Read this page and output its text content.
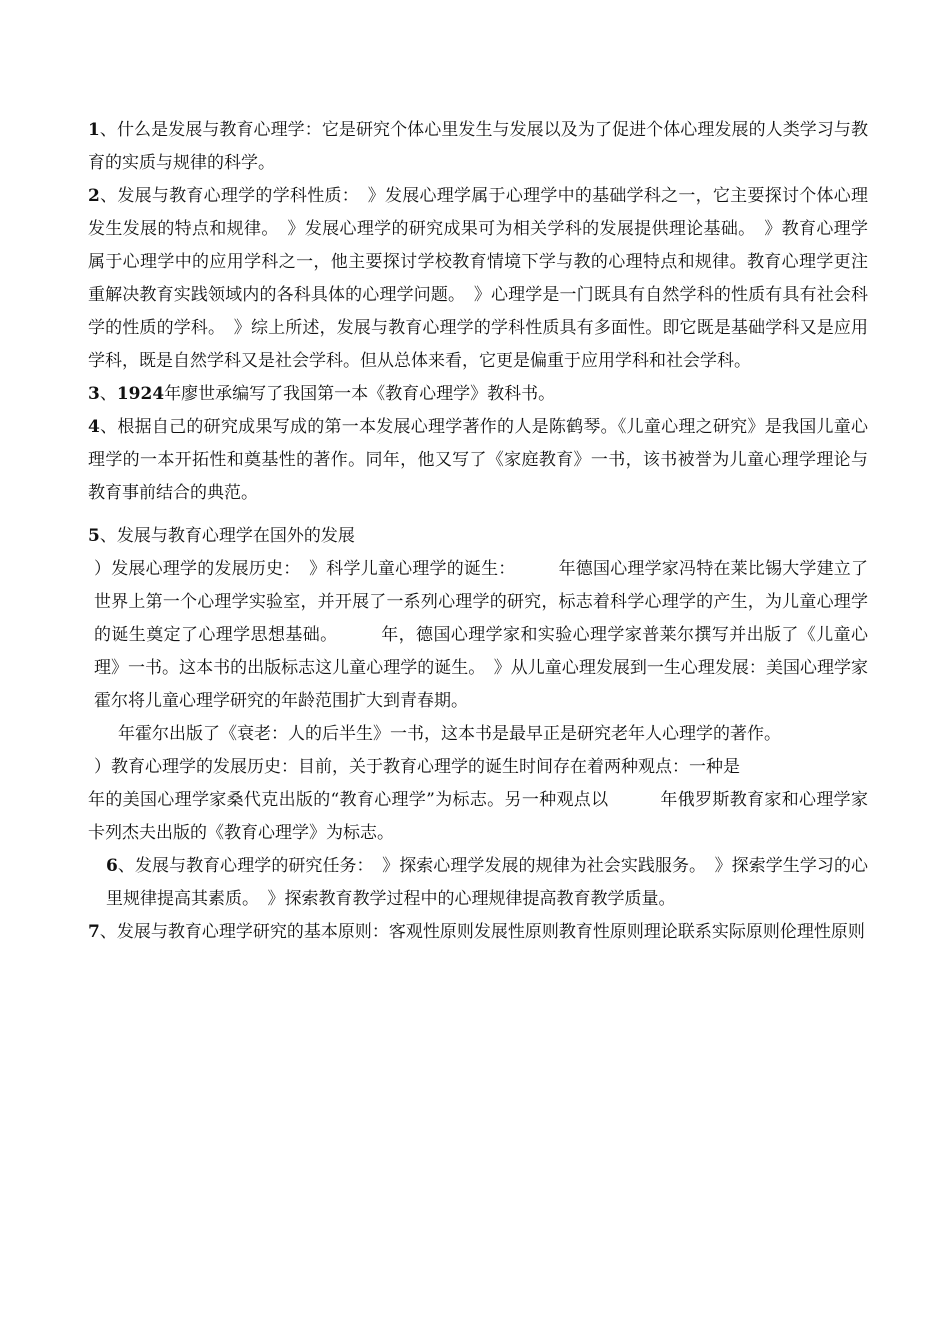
1、什么是发展与教育心理学：它是研究个体心里发生与发展以及为了促进个体心理发展的人类学习与教育的实质与规律的科学。

2、发展与教育心理学的学科性质：　》发展心理学属于心理学中的基础学科之一，它主要探讨个体心理发生发展的特点和规律。　》发展心理学的研究成果可为相关学科的发展提供理论基础。　》教育心理学属于心理学中的应用学科之一，他主要探讨学校教育情境下学与教的心理特点和规律。教育心理学更注重解决教育实践领域内的各科具体的心理学问题。　》心理学是一门既具有自然学科的性质有具有社会科学的性质的学科。　》综上所述，发展与教育心理学的学科性质具有多面性。即它既是基础学科又是应用学科，既是自然学科又是社会学科。但从总体来看，它更是偏重于应用学科和社会学科。

3、1924年廖世承编写了我国第一本《教育心理学》教科书。

4、根据自己的研究成果写成的第一本发展心理学著作的人是陈鹤琴。《儿童心理之研究》是我国儿童心理学的一本开拓性和奠基性的著作。同年，他又写了《家庭教育》一书，该书被誉为儿童心理学理论与教育事前结合的典范。

5、发展与教育心理学在国外的发展

）发展心理学的发展历史：　》科学儿童心理学的诞生：　　　年德国心理学家冯特在莱比锡大学建立了世界上第一个心理学实验室，并开展了一系列心理学的研究，标志着科学心理学的产生，为儿童心理学的诞生奠定了心理学思想基础。　　　年，德国心理学家和实验心理学家普莱尔撰写并出版了《儿童心理》一书。这本书的出版标志这儿童心理学的诞生。　》从儿童心理发展到一生心理发展：美国心理学家霍尔将儿童心理学研究的年龄范围扩大到青春期。

年霍尔出版了《衰老：人的后半生》一书，这本书是最早正是研究老年人心理学的著作。

）教育心理学的发展历史：目前，关于教育心理学的诞生时间存在着两种观点：一种是

年的美国心理学家桑代克出版的“教育心理学”为标志。另一种观点以　　　年俄罗斯教育家和心理学家卡列杰夫出版的《教育心理学》为标志。

6、发展与教育心理学的研究任务：　》探索心理学发展的规律为社会实践服务。　》探索学生学习的心里规律提高其素质。　》探索教育教学过程中的心理规律提高教育教学质量。

7、发展与教育心理学研究的基本原则：客观性原则发展性原则教育性原则理论联系实际原则伦理性原则
